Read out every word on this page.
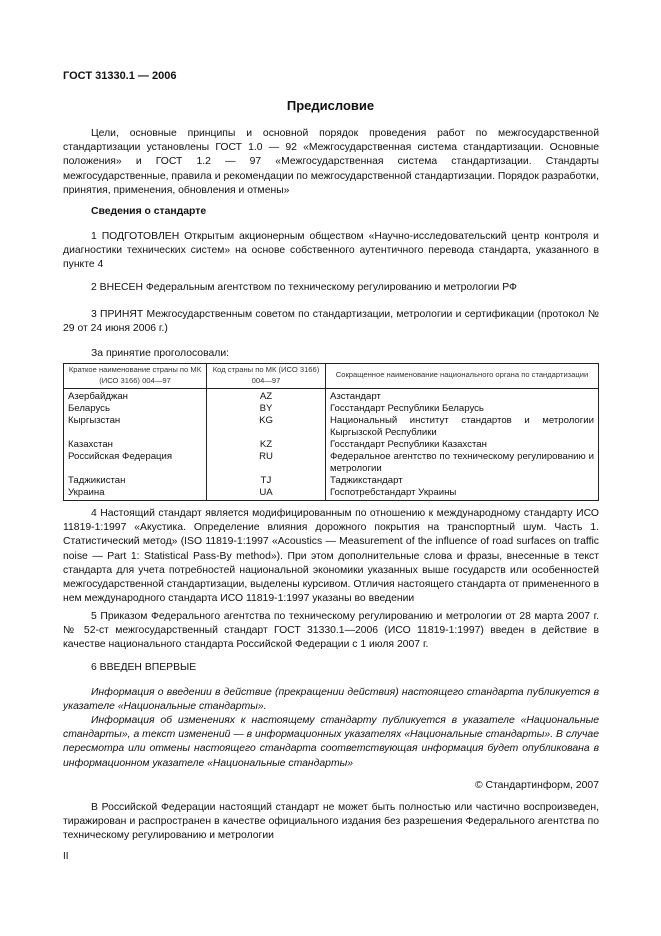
ГОСТ 31330.1 — 2006
Предисловие
Цели, основные принципы и основной порядок проведения работ по межгосударственной стандартизации установлены ГОСТ 1.0 — 92 «Межгосударственная система стандартизации. Основные положения» и ГОСТ 1.2 — 97 «Межгосударственная система стандартизации. Стандарты межгосударственные, правила и рекомендации по межгосударственной стандартизации. Порядок разработки, принятия, применения, обновления и отмены»
Сведения о стандарте
1 ПОДГОТОВЛЕН Открытым акционерным обществом «Научно-исследовательский центр контроля и диагностики технических систем» на основе собственного аутентичного перевода стандарта, указанного в пункте 4
2 ВНЕСЕН Федеральным агентством по техническому регулированию и метрологии РФ
3 ПРИНЯТ Межгосударственным советом по стандартизации, метрологии и сертификации (протокол № 29 от 24 июня 2006 г.)
За принятие проголосовали:
Краткое наименование страны по МК (ИСО 3166) 004—97	Код страны по МК (ИСО 3166) 004—97	Сокращенное наименование национального органа по стандартизации
Азербайджан	AZ	Азстандарт
Беларусь	BY	Госстандарт Республики Беларусь
Кыргызстан	KG	Национальный институт стандартов и метрологии Кыргызской Республики
Казахстан	KZ	Госстандарт Республики Казахстан
Российская Федерация	RU	Федеральное агентство по техническому регулированию и метрологии
Таджикистан	TJ	Таджикстандарт
Украина	UA	Госпотребстандарт Украины
4 Настоящий стандарт является модифицированным по отношению к международному стандарту ИСО 11819-1:1997 «Акустика. Определение влияния дорожного покрытия на транспортный шум. Часть 1. Статистический метод» (ISO 11819-1:1997 «Acoustics — Measurement of the influence of road surfaces on traffic noise — Part 1: Statistical Pass-By method»). При этом дополнительные слова и фразы, внесенные в текст стандарта для учета потребностей национальной экономики указанных выше государств или особенностей межгосударственной стандартизации, выделены курсивом. Отличия настоящего стандарта от примененного в нем международного стандарта ИСО 11819-1:1997 указаны во введении
5 Приказом Федерального агентства по техническому регулированию и метрологии от 28 марта 2007 г. № 52-ст межгосударственный стандарт ГОСТ 31330.1—2006 (ИСО 11819-1:1997) введен в действие в качестве национального стандарта Российской Федерации с 1 июля 2007 г.
6 ВВЕДЕН ВПЕРВЫЕ
Информация о введении в действие (прекращении действия) настоящего стандарта публикуется в указателе «Национальные стандарты».
Информация об изменениях к настоящему стандарту публикуется в указателе «Национальные стандарты», а текст изменений — в информационных указателях «Национальные стандарты». В случае пересмотра или отмены настоящего стандарта соответствующая информация будет опубликована в информационном указателе «Национальные стандарты»
© Стандартинформ, 2007
В Российской Федерации настоящий стандарт не может быть полностью или частично воспроизведен, тиражирован и распространен в качестве официального издания без разрешения Федерального агентства по техническому регулированию и метрологии
II
